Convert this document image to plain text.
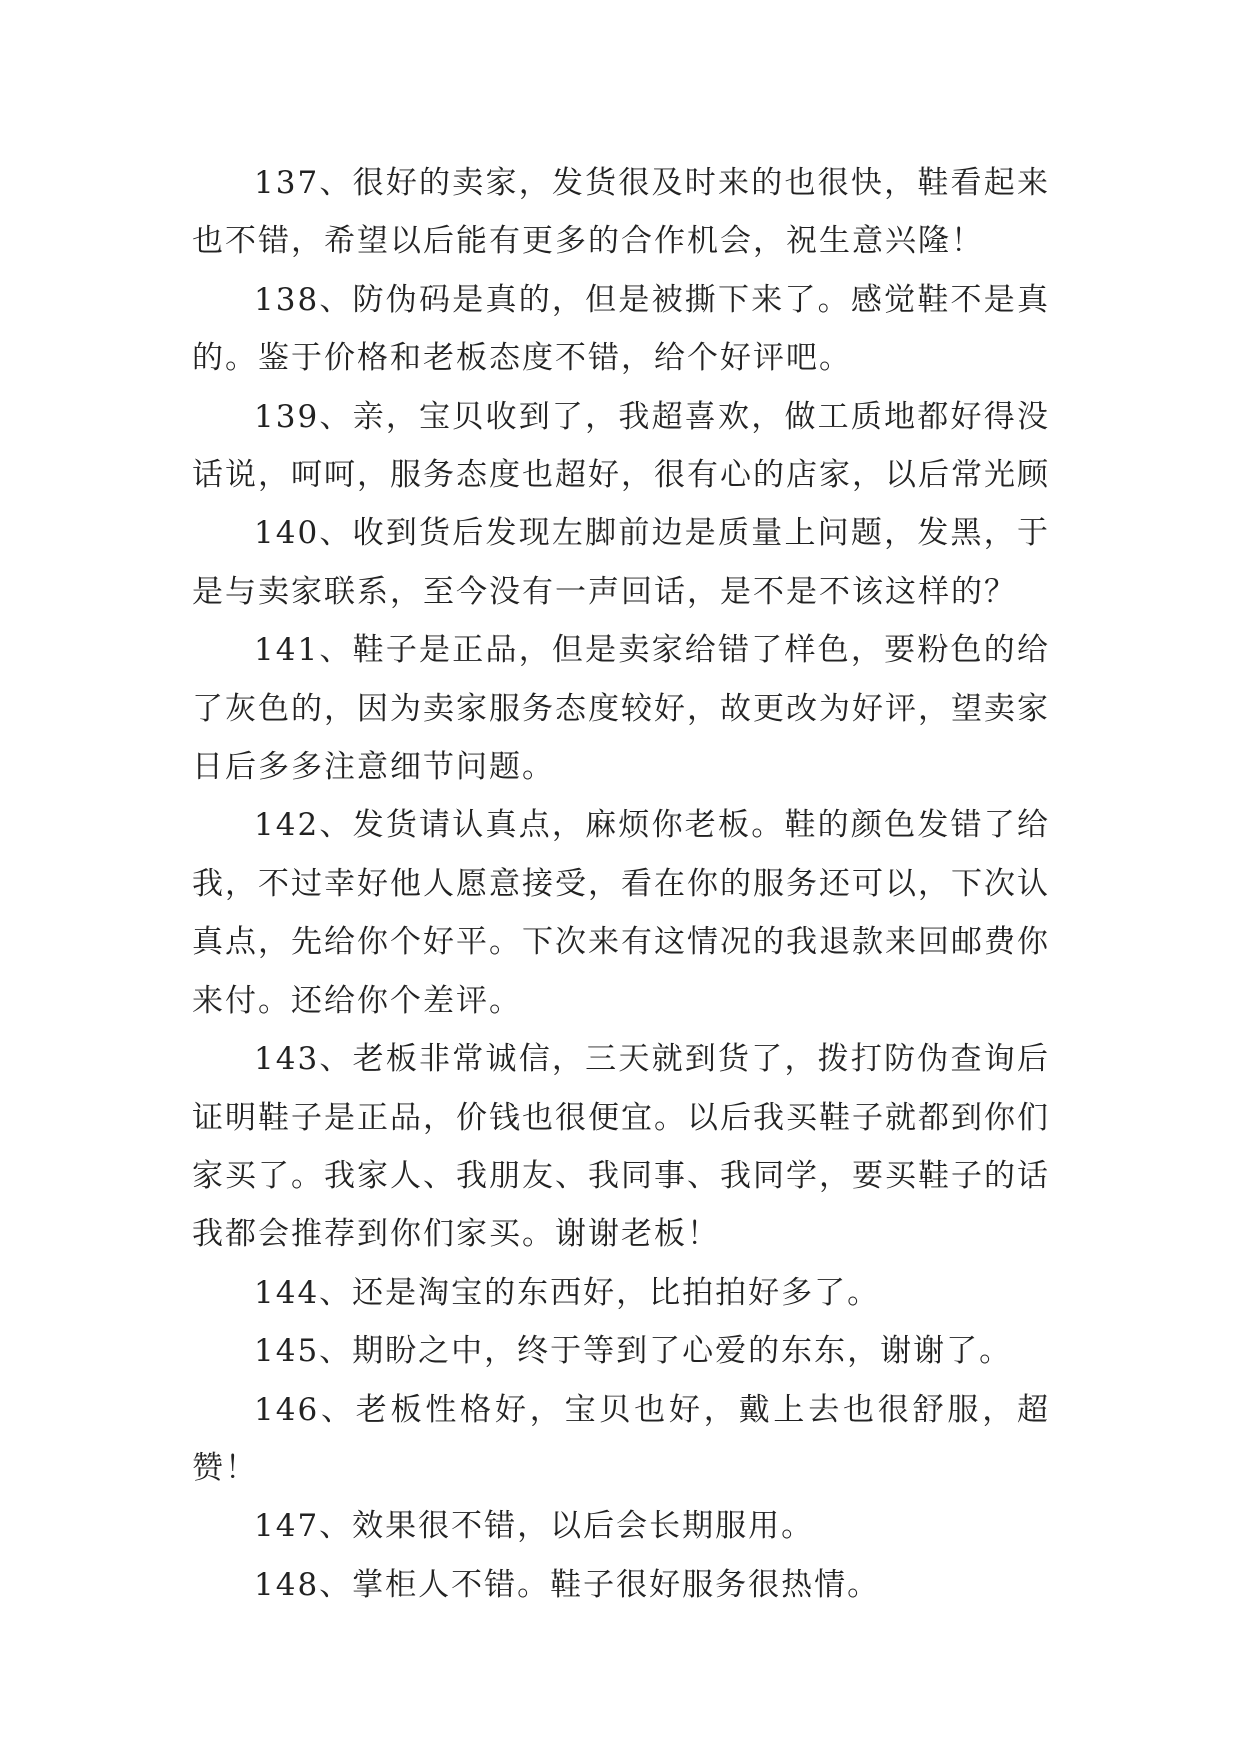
137、很好的卖家，发货很及时来的也很快，鞋看起来也不错，希望以后能有更多的合作机会，祝生意兴隆！

138、防伪码是真的，但是被撕下来了。感觉鞋不是真的。鉴于价格和老板态度不错，给个好评吧。

139、亲，宝贝收到了，我超喜欢，做工质地都好得没话说，呵呵，服务态度也超好，很有心的店家，以后常光顾

140、收到货后发现左脚前边是质量上问题，发黑，于是与卖家联系，至今没有一声回话，是不是不该这样的？

141、鞋子是正品，但是卖家给错了样色，要粉色的给了灰色的，因为卖家服务态度较好，故更改为好评，望卖家日后多多注意细节问题。

142、发货请认真点，麻烦你老板。鞋的颜色发错了给我，不过幸好他人愿意接受，看在你的服务还可以，下次认真点，先给你个好平。下次来有这情况的我退款来回邮费你来付。还给你个差评。

143、老板非常诚信，三天就到货了，拨打防伪查询后证明鞋子是正品，价钱也很便宜。以后我买鞋子就都到你们家买了。我家人、我朋友、我同事、我同学，要买鞋子的话我都会推荐到你们家买。谢谢老板！

144、还是淘宝的东西好，比拍拍好多了。

145、期盼之中，终于等到了心爱的东东，谢谢了。

146、老板性格好，宝贝也好，戴上去也很舒服，超赞！

147、效果很不错，以后会长期服用。

148、掌柜人不错。鞋子很好服务很热情。
